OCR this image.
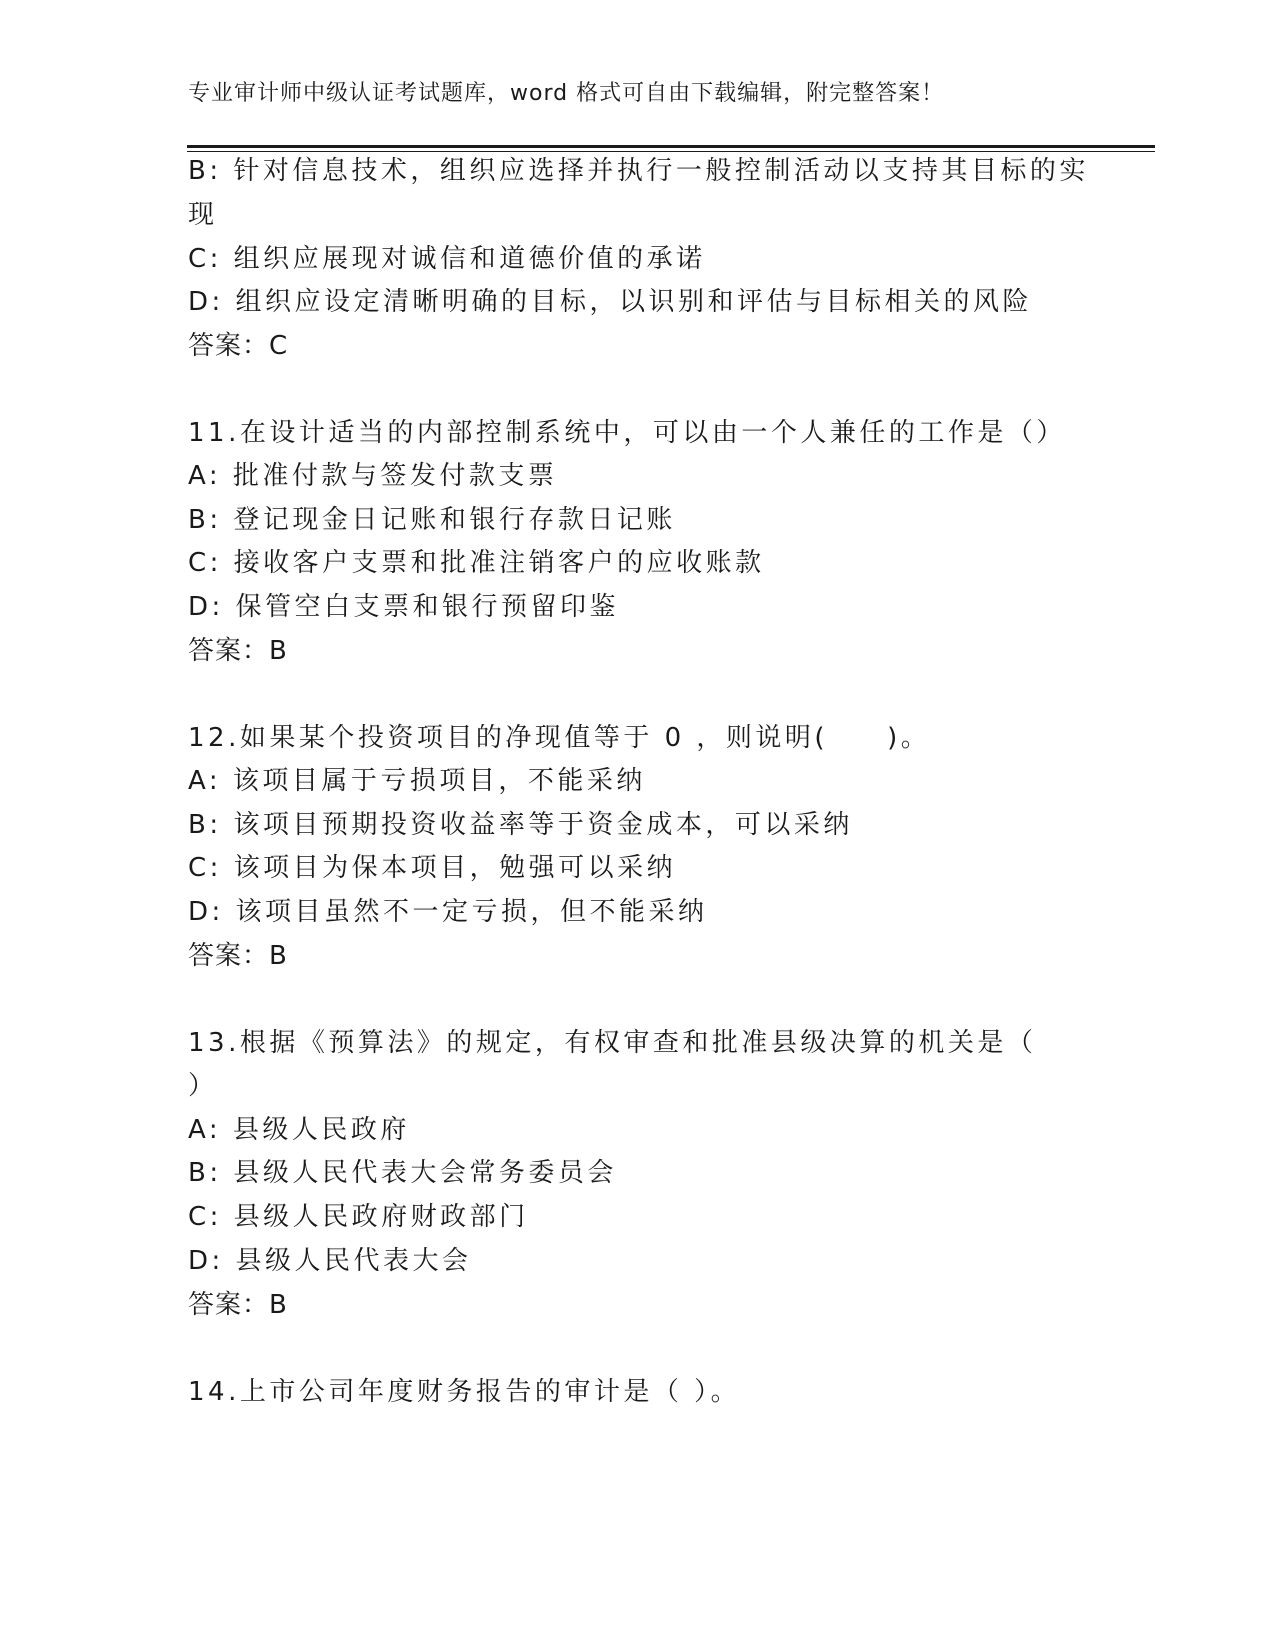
专业审计师中级认证考试题库，word 格式可自由下载编辑，附完整答案！
B: 针对信息技术，组织应选择并执行一般控制活动以支持其目标的实
现
C: 组织应展现对诚信和道德价值的承诺
D: 组织应设定清晰明确的目标，以识别和评估与目标相关的风险
答案：C
11.在设计适当的内部控制系统中，可以由一个人兼任的工作是（）
A: 批准付款与签发付款支票
B: 登记现金日记账和银行存款日记账
C: 接收客户支票和批准注销客户的应收账款
D: 保管空白支票和银行预留印鉴
答案：B
12.如果某个投资项目的净现值等于 0 ，则说明(　　)。
A: 该项目属于亏损项目，不能采纳
B: 该项目预期投资收益率等于资金成本，可以采纳
C: 该项目为保本项目，勉强可以采纳
D: 该项目虽然不一定亏损，但不能采纳
答案：B
13.根据《预算法》的规定，有权审查和批准县级决算的机关是（
）
A: 县级人民政府
B: 县级人民代表大会常务委员会
C: 县级人民政府财政部门
D: 县级人民代表大会
答案：B
14.上市公司年度财务报告的审计是（ ）。
